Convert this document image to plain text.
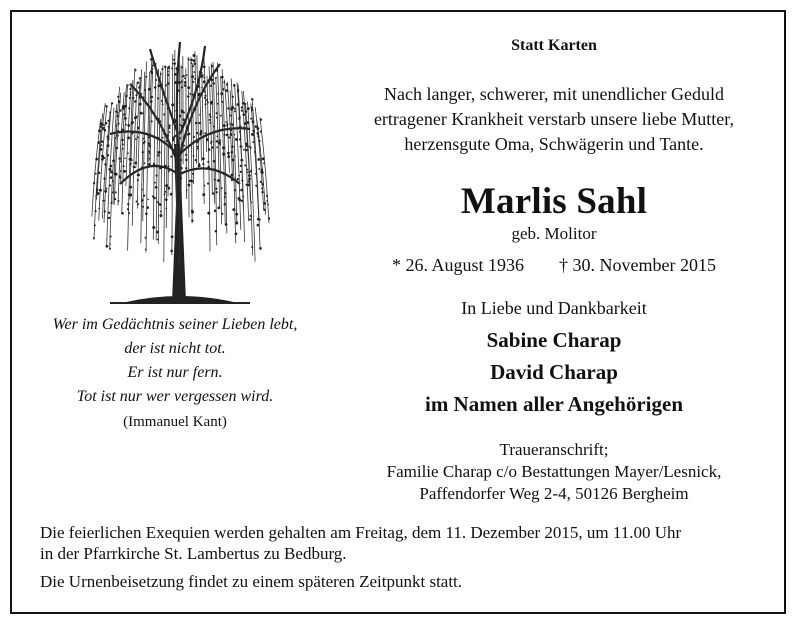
Statt Karten
Nach langer, schwerer, mit unendlicher Geduld
ertragener Krankheit verstarb unsere liebe Mutter,
herzensgute Oma, Schwägerin und Tante.
Marlis Sahl
geb. Molitor
* 26. August 1936 † 30. November 2015
In Liebe und Dankbarkeit
Sabine Charap
David Charap
im Namen aller Angehörigen
Traueranschrift;
Familie Charap c/o Bestattungen Mayer/Lesnick,
Paffendorfer Weg 2-4, 50126 Bergheim
Wer im Gedächtnis seiner Lieben lebt,
der ist nicht tot.
Er ist nur fern.
Tot ist nur wer vergessen wird.
(Immanuel Kant)
Die feierlichen Exequien werden gehalten am Freitag, dem 11. Dezember 2015, um 11.00 Uhr
in der Pfarrkirche St. Lambertus zu Bedburg.
Die Urnenbeisetzung findet zu einem späteren Zeitpunkt statt.
